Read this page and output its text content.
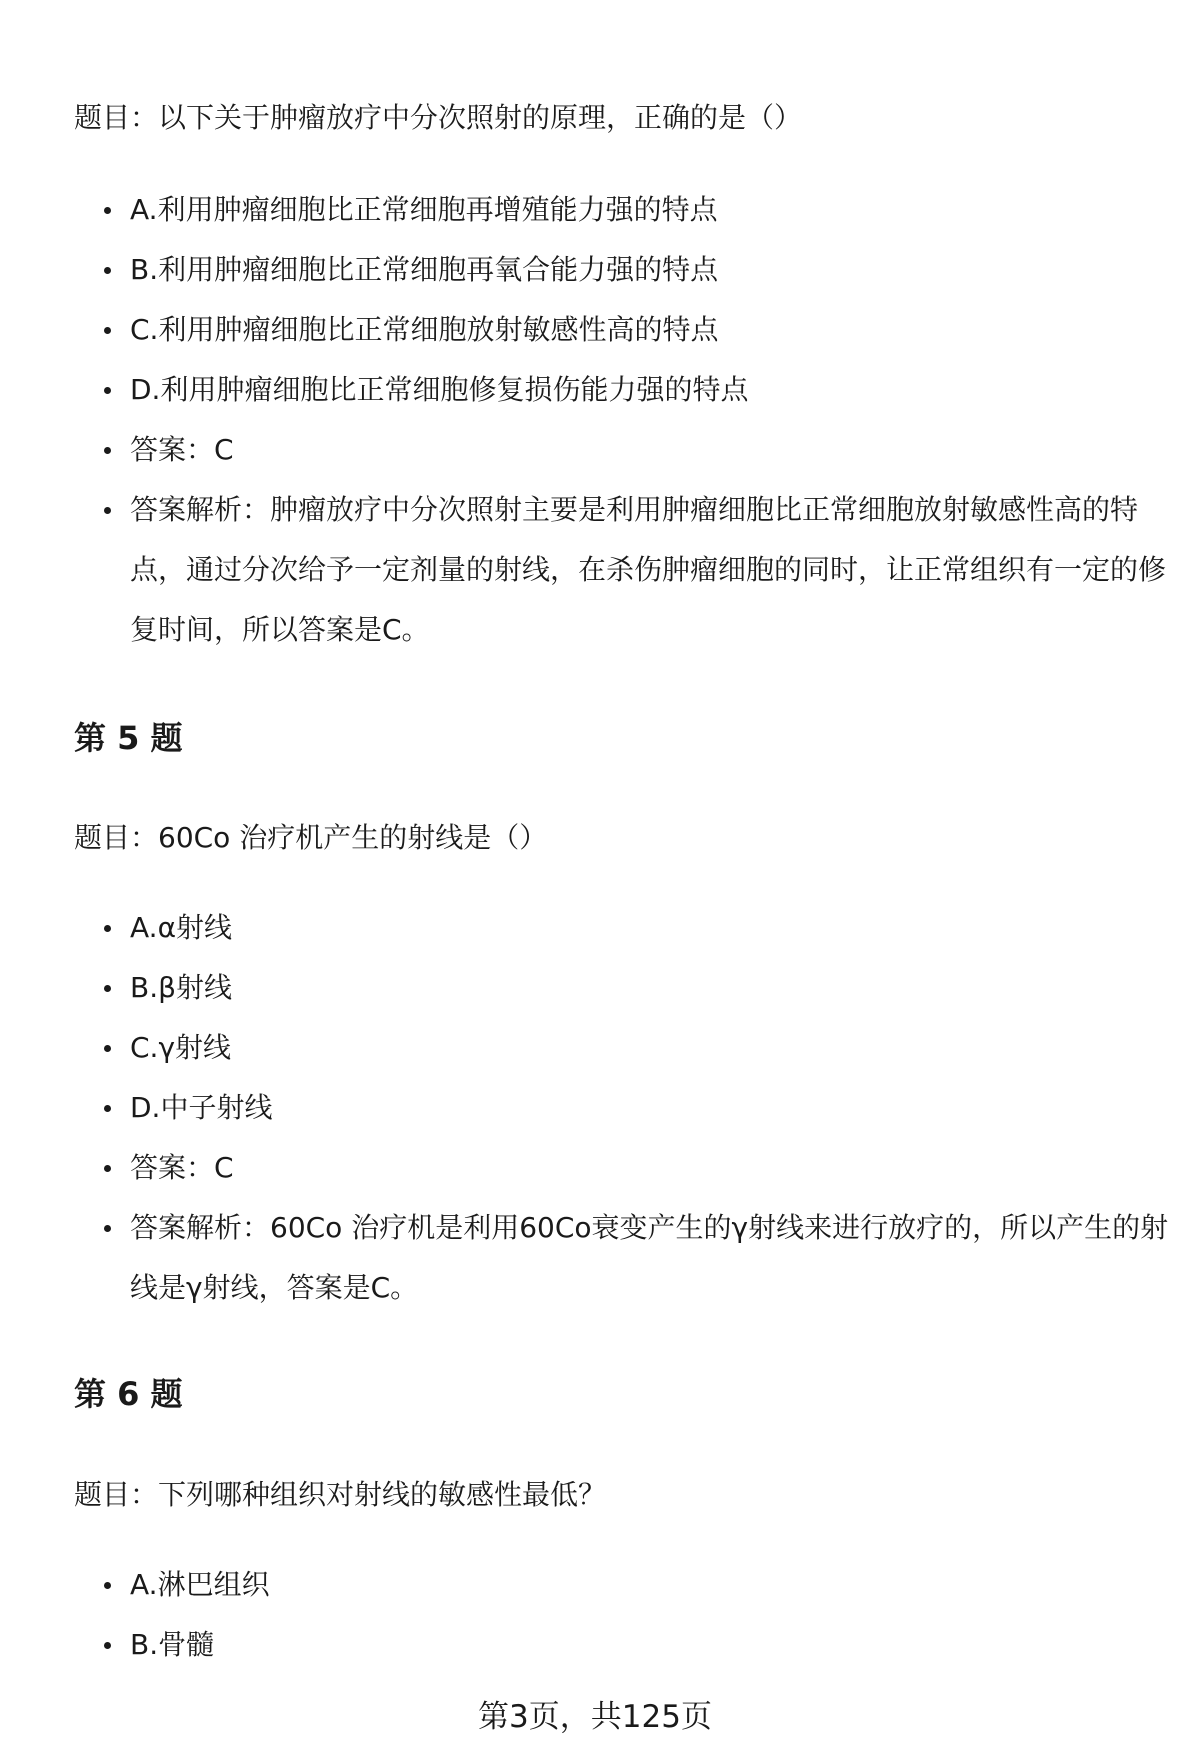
题目：以下关于肿瘤放疗中分次照射的原理，正确的是（）

A.利用肿瘤细胞比正常细胞再增殖能力强的特点
B.利用肿瘤细胞比正常细胞再氧合能力强的特点
C.利用肿瘤细胞比正常细胞放射敏感性高的特点
D.利用肿瘤细胞比正常细胞修复损伤能力强的特点
答案：C
答案解析：肿瘤放疗中分次照射主要是利用肿瘤细胞比正常细胞放射敏感性高的特点，通过分次给予一定剂量的射线，在杀伤肿瘤细胞的同时，让正常组织有一定的修复时间，所以答案是C。
第 5 题

题目：60Co 治疗机产生的射线是（）

A.α射线
B.β射线
C.γ射线
D.中子射线
答案：C
答案解析：60Co 治疗机是利用60Co衰变产生的γ射线来进行放疗的，所以产生的射线是γ射线，答案是C。
第 6 题

题目：下列哪种组织对射线的敏感性最低？

A.淋巴组织
B.骨髓
第3页，共125页
